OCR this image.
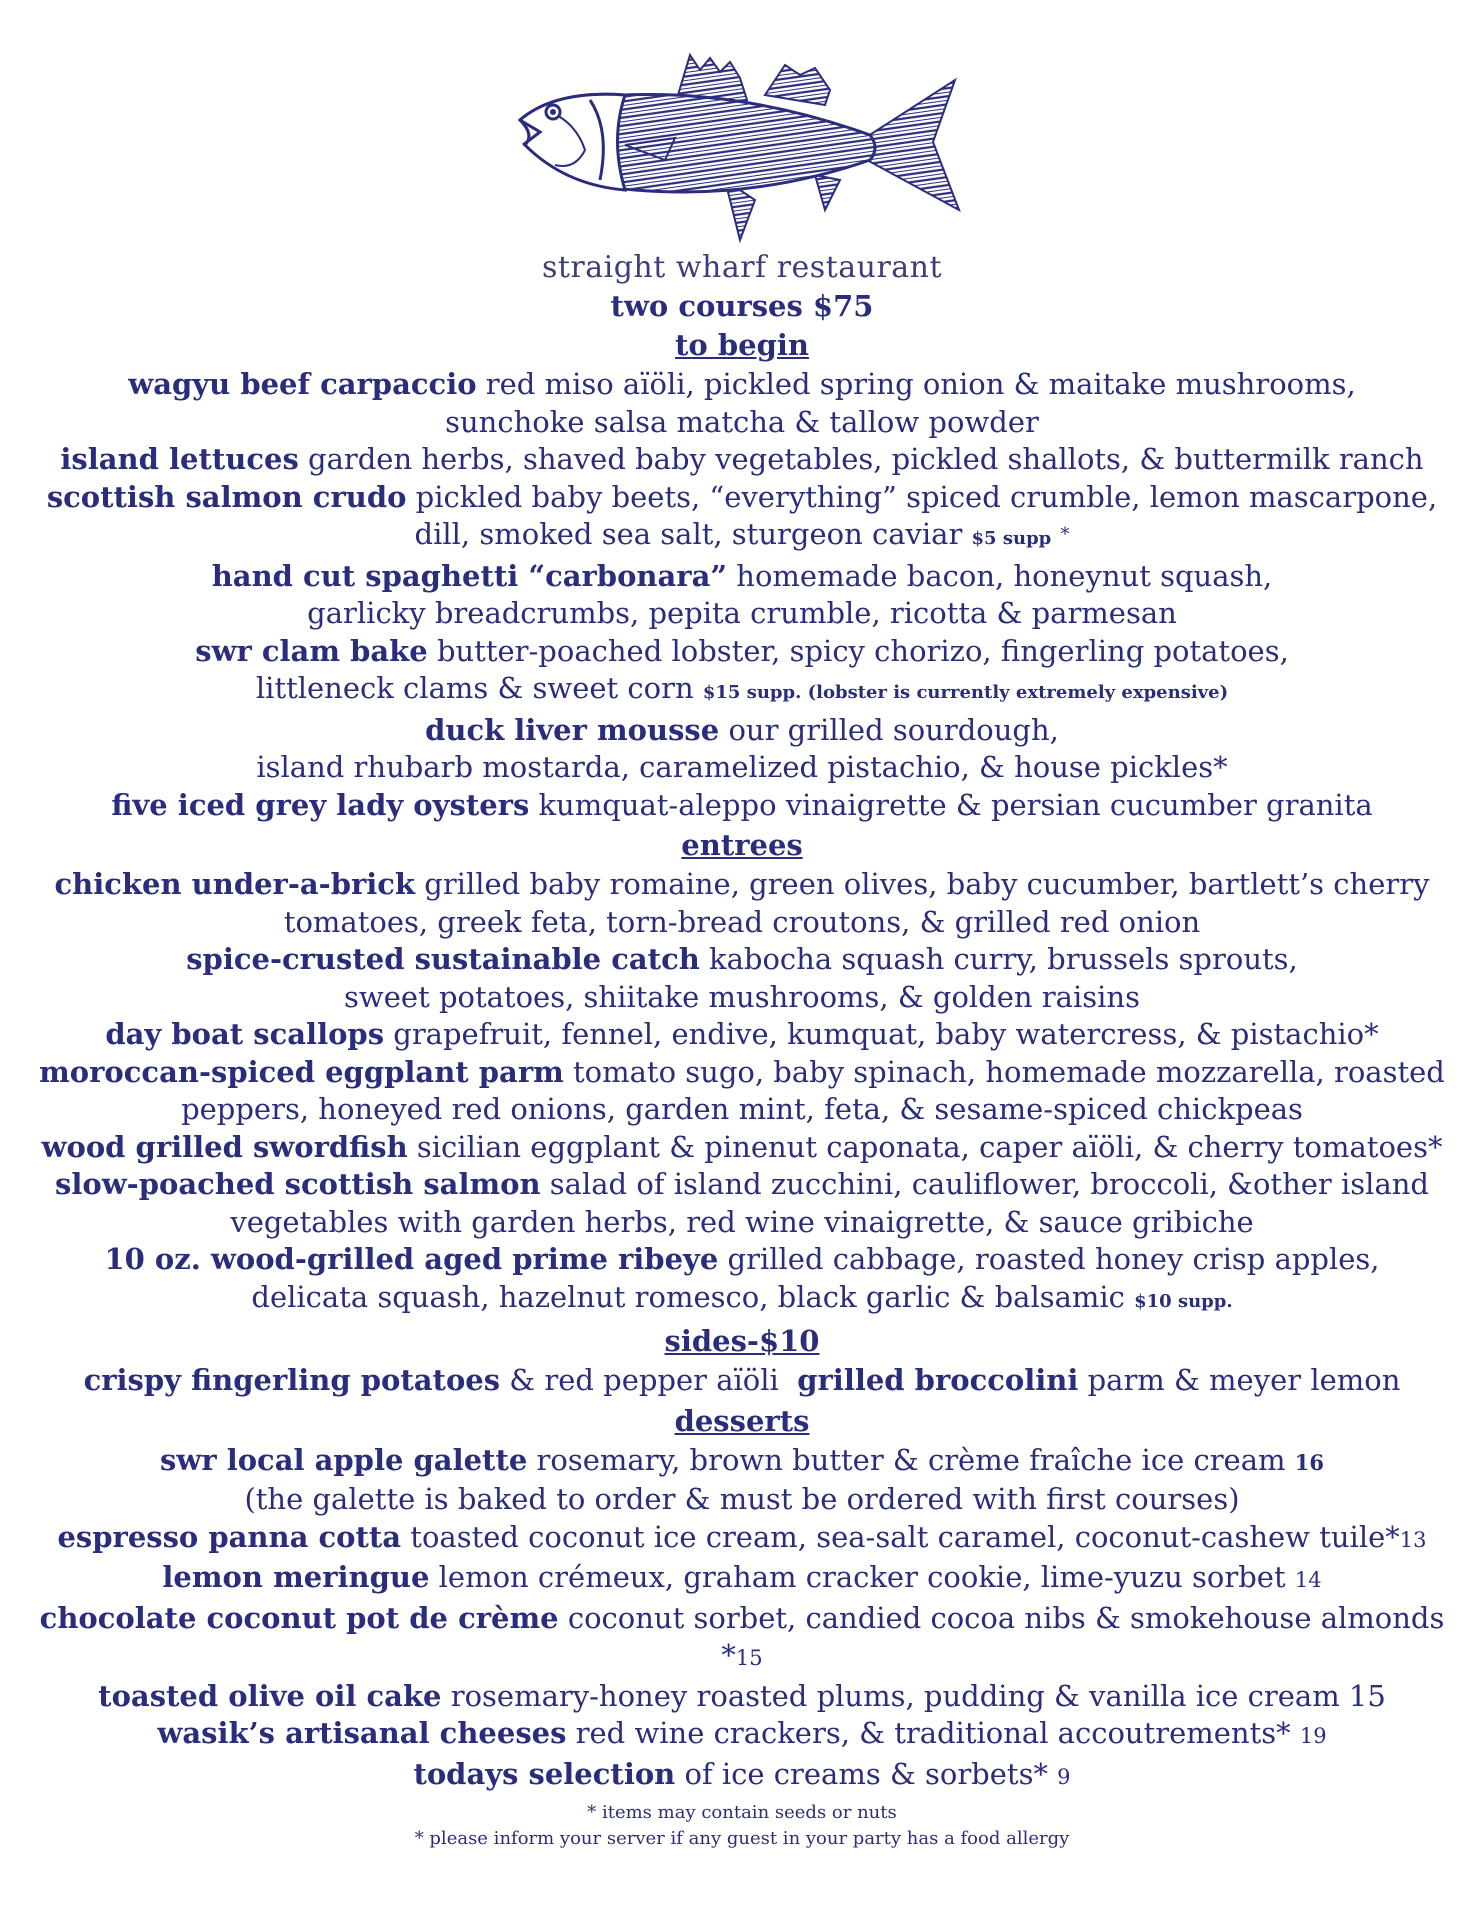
straight wharf restaurant
two courses $75
to begin
wagyu beef carpaccio red miso aïöli, pickled spring onion & maitake mushrooms,
sunchoke salsa matcha & tallow powder
island lettuces garden herbs, shaved baby vegetables, pickled shallots, & buttermilk ranch
scottish salmon crudo pickled baby beets, “everything” spiced crumble, lemon mascarpone,
dill, smoked sea salt, sturgeon caviar $5 supp *
hand cut spaghetti “carbonara” homemade bacon, honeynut squash,
garlicky breadcrumbs, pepita crumble, ricotta & parmesan
swr clam bake butter-poached lobster, spicy chorizo, fingerling potatoes,
littleneck clams & sweet corn $15 supp. (lobster is currently extremely expensive)
duck liver mousse our grilled sourdough,
island rhubarb mostarda, caramelized pistachio, & house pickles*
five iced grey lady oysters kumquat-aleppo vinaigrette & persian cucumber granita
entrees
chicken under-a-brick grilled baby romaine, green olives, baby cucumber, bartlett’s cherry
tomatoes, greek feta, torn-bread croutons, & grilled red onion
spice-crusted sustainable catch kabocha squash curry, brussels sprouts,
sweet potatoes, shiitake mushrooms, & golden raisins
day boat scallops grapefruit, fennel, endive, kumquat, baby watercress, & pistachio*
moroccan-spiced eggplant parm tomato sugo, baby spinach, homemade mozzarella, roasted
peppers, honeyed red onions, garden mint, feta, & sesame-spiced chickpeas
wood grilled swordfish sicilian eggplant & pinenut caponata, caper aïöli, & cherry tomatoes*
slow-poached scottish salmon salad of island zucchini, cauliflower, broccoli, &other island
vegetables with garden herbs, red wine vinaigrette, & sauce gribiche
10 oz. wood-grilled aged prime ribeye grilled cabbage, roasted honey crisp apples,
delicata squash, hazelnut romesco, black garlic & balsamic $10 supp.
sides-$10
crispy fingerling potatoes & red pepper aïöli grilled broccolini parm & meyer lemon
desserts
swr local apple galette rosemary, brown butter & crème fraîche ice cream 16
(the galette is baked to order & must be ordered with first courses)
espresso panna cotta toasted coconut ice cream, sea-salt caramel, coconut-cashew tuile*13
lemon meringue lemon crémeux, graham cracker cookie, lime-yuzu sorbet 14
chocolate coconut pot de crème coconut sorbet, candied cocoa nibs & smokehouse almonds *15
toasted olive oil cake rosemary-honey roasted plums, pudding & vanilla ice cream 15
wasik’s artisanal cheeses red wine crackers, & traditional accoutrements* 19
todays selection of ice creams & sorbets* 9
* items may contain seeds or nuts
* please inform your server if any guest in your party has a food allergy
